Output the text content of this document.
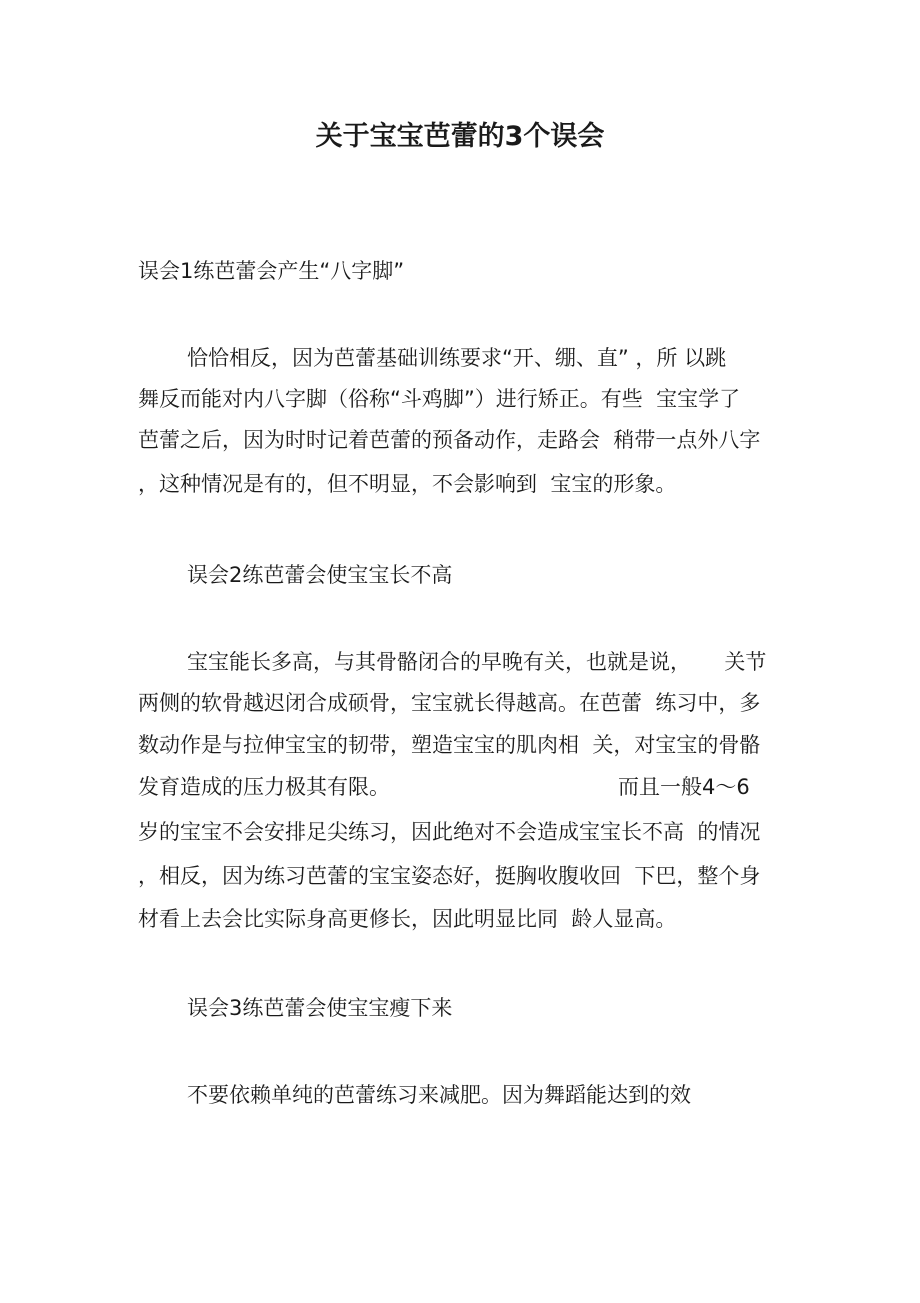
关于宝宝芭蕾的3个误会

误会1练芭蕾会产生“八字脚”

恰恰相反，因为芭蕾基础训练要求“开、绷、直” ，所 以跳

舞反而能对内八字脚（俗称“斗鸡脚”）进行矫正。有些  宝宝学了

芭蕾之后，因为时时记着芭蕾的预备动作，走路会  稍带一点外八字

，这种情况是有的，但不明显，不会影响到  宝宝的形象。

误会2练芭蕾会使宝宝长不高

宝宝能长多高，与其骨骼闭合的早晚有关，也就是说，     关节

两侧的软骨越迟闭合成硕骨，宝宝就长得越高。在芭蕾  练习中，多

数动作是与拉伸宝宝的韧带，塑造宝宝的肌肉相  关，对宝宝的骨骼

发育造成的压力极其有限。	而且一般4～6

岁的宝宝不会安排足尖练习，因此绝对不会造成宝宝长不高  的情况

，相反，因为练习芭蕾的宝宝姿态好，挺胸收腹收回  下巴，整个身

材看上去会比实际身高更修长，因此明显比同  龄人显高。

误会3练芭蕾会使宝宝瘦下来

不要依赖单纯的芭蕾练习来减肥。因为舞蹈能达到的效
